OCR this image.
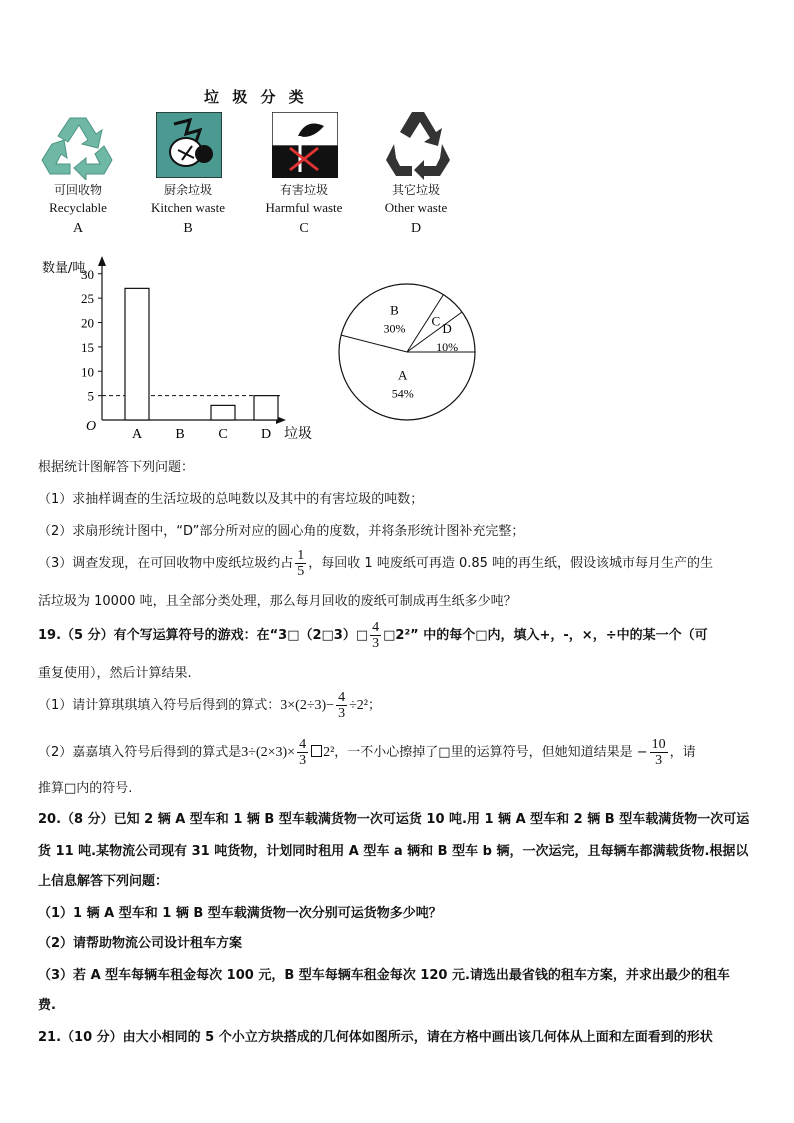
垃 圾 分 类
可回收物
Recyclable
厨余垃圾
Kitchen waste
有害垃圾
Harmful waste
其它垃圾
Other waste
A	B	C	D
数量/吨
O	垃圾
5
10
15
20
25
30
A B C D
A
54%
B
30%
C
D
10%
根据统计图解答下列问题：
（1）求抽样调查的生活垃圾的总吨数以及其中的有害垃圾的吨数；
（2）求扇形统计图中，“D”部分所对应的圆心角的度数，并将条形统计图补充完整；
（3）调查发现，在可回收物中废纸垃圾约占 $\frac{1}{5}$ ，每回收 1 吨废纸可再造 0.85 吨的再生纸，假设该城市每月生产的生
活垃圾为 10000 吨，且全部分类处理，那么每月回收的废纸可制成再生纸多少吨？
19.（5 分）有个写运算符号的游戏：在“3□（2□3）□ $\frac{4}{3}$ □2²” 中的每个□内，填入+，-，×，÷中的某一个（可
重复使用），然后计算结果.
（1）请计算琪琪填入符号后得到的算式：$3\times(2\div 3)- \frac{4}{3} \div 2^2$；
（2）嘉嘉填入符号后得到的算式是$3\div(2\times 3)\times \frac{4}{3} 2^2$，一不小心擦掉了□里的运算符号，但她知道结果是 − $\frac{10}{3}$ ，请
推算□内的符号.
20.（8 分）已知 2 辆 A 型车和 1 辆 B 型车载满货物一次可运货 10 吨.用 1 辆 A 型车和 2 辆 B 型车载满货物一次可运
货 11 吨.某物流公司现有 31 吨货物，计划同时租用 A 型车 a 辆和 B 型车 b 辆，一次运完，且每辆车都满载货物.根据以
上信息解答下列问题：
（1）1 辆 A 型车和 1 辆 B 型车载满货物一次分别可运货物多少吨？
（2）请帮助物流公司设计租车方案
（3）若 A 型车每辆车租金每次 100 元，B 型车每辆车租金每次 120 元.请选出最省钱的租车方案，并求出最少的租车
费.
21.（10 分）由大小相同的 5 个小立方块搭成的几何体如图所示，请在方格中画出该几何体从上面和左面看到的形状
